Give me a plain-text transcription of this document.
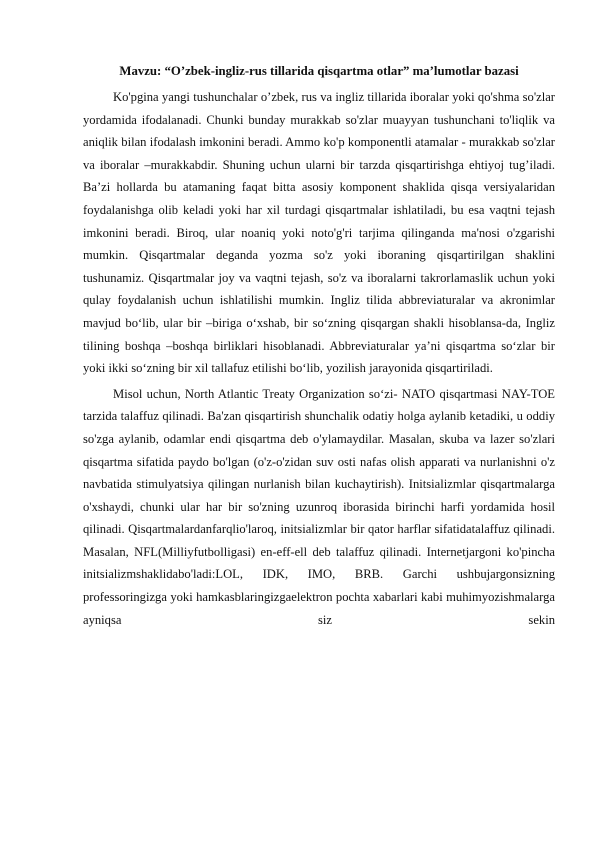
Mavzu: “O’zbek-ingliz-rus tillarida qisqartma otlar” ma’lumotlar bazasi

Ko'pgina yangi tushunchalar o’zbek, rus va ingliz tillarida iboralar yoki qo'shma so'zlar yordamida ifodalanadi. Chunki bunday murakkab so'zlar muayyan tushunchani to'liqlik va aniqlik bilan ifodalash imkonini beradi. Ammo ko'p komponentli atamalar - murakkab so'zlar va iboralar –murakkabdir. Shuning uchun ularni bir tarzda qisqartirishga ehtiyoj tug’iladi. Ba’zi hollarda bu atamaning faqat bitta asosiy komponent shaklida qisqa versiyalaridan foydalanishga olib keladi yoki har xil turdagi qisqartmalar ishlatiladi, bu esa vaqtni tejash imkonini beradi. Biroq, ular noaniq yoki noto'g'ri tarjima qilinganda ma'nosi o'zgarishi mumkin. Qisqartmalar deganda yozma so'z yoki iboraning qisqartirilgan shaklini tushunamiz. Qisqartmalar joy va vaqtni tejash, so'z va iboralarni takrorlamaslik uchun yoki qulay foydalanish uchun ishlatilishi mumkin. Ingliz tilida abbreviaturalar va akronimlar mavjud bo‘lib, ular bir –biriga o‘xshab, bir so‘zning qisqargan shakli hisoblansa-da, Ingliz tilining boshqa –boshqa birliklari hisoblanadi. Abbreviaturalar ya’ni qisqartma so‘zlar bir yoki ikki so‘zning bir xil tallafuz etilishi bo‘lib, yozilish jarayonida qisqartiriladi.

Misol uchun, North Atlantic Treaty Organization so‘zi- NATO qisqartmasi NAY-TOE tarzida talaffuz qilinadi. Ba'zan qisqartirish shunchalik odatiy holga aylanib ketadiki, u oddiy so'zga aylanib, odamlar endi qisqartma deb o'ylamaydilar. Masalan, skuba va lazer so'zlari qisqartma sifatida paydo bo'lgan (o'z-o'zidan suv osti nafas olish apparati va nurlanishni o'z navbatida stimulyatsiya qilingan nurlanish bilan kuchaytirish). Initsializmlar qisqartmalarga o'xshaydi, chunki ular har bir so'zning uzunroq iborasida birinchi harfi yordamida hosil qilinadi. Qisqartmalardanfarqlio'laroq, initsializmlar bir qator harflar sifatidatalaffuz qilinadi. Masalan, NFL(Milliyfutbolligasi) en-eff-ell deb talaffuz qilinadi. Internetjargoni ko'pincha initsializmshaklidabo'ladi:LOL, IDK, IMO, BRB. Garchi ushbujargonsizning professoringizga yoki hamkasblaringizgaelektron pochta xabarlari kabi muhimyozishmalarga ayniqsa siz sekin
